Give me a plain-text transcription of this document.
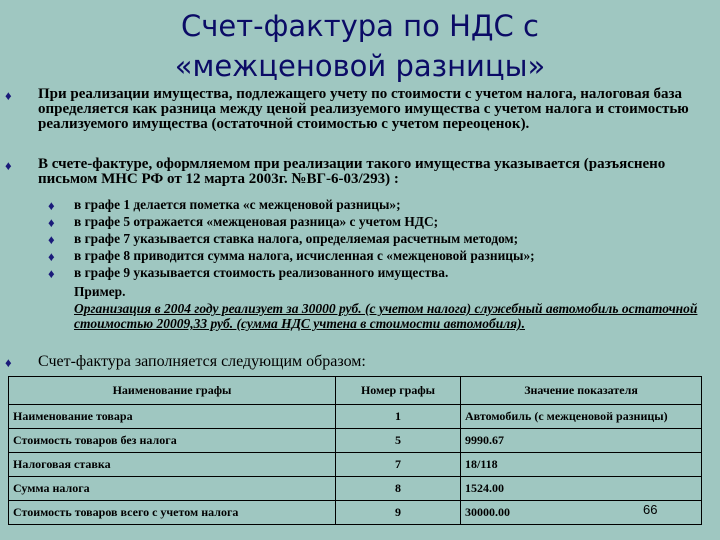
Счет-фактура по НДС с
«межценовой разницы»
♦ При реализации имущества, подлежащего учету по стоимости с учетом налога, налоговая база определяется как разница между ценой реализуемого имущества с учетом налога и стоимостью реализуемого имущества (остаточной стоимостью с учетом переоценок).
♦ В счете-фактуре, оформляемом при реализации такого имущества указывается (разъяснено письмом МНС РФ от 12 марта 2003г. №ВГ-6-03/293) :
♦ в графе 1 делается пометка «с межценовой разницы»;
♦ в графе 5 отражается «межценовая разница» с учетом НДС;
♦ в графе 7 указывается ставка налога, определяемая расчетным методом;
♦ в графе 8 приводится сумма налога, исчисленная с «межценовой разницы»;
♦ в графе 9 указывается стоимость реализованного имущества.
Пример.
Организация в 2004 году реализует за 30000 руб. (с учетом налога) служебный автомобиль остаточной стоимостью 20009,33 руб. (сумма НДС учтена в стоимости автомобиля).
♦ Счет-фактура заполняется следующим образом:
Наименование графы	Номер графы	Значение показателя
Наименование товара	1	Автомобиль (с межценовой разницы)
Стоимость товаров без налога	5	9990.67
Налоговая ставка	7	18/118
Сумма налога	8	1524.00
Стоимость товаров всего с учетом налога	9	30000.00	66
